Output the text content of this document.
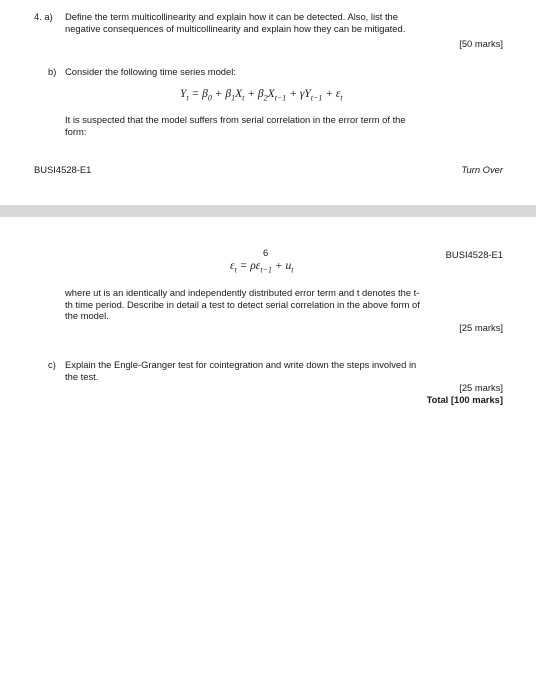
4. a) Define the term multicollinearity and explain how it can be detected. Also, list the
negative consequences of multicollinearity and explain how they can be mitigated.
[50 marks]
b) Consider the following time series model:
$Y_t = \beta_0 + \beta_1X_t + \beta_2X_{t-1} + \gamma Y_{t-1} + \varepsilon_t$
It is suspected that the model suffers from serial correlation in the error term of the
form:
BUSI4528-E1	Turn Over
6	BUSI4528-E1
$\varepsilon_t = \rho\varepsilon_{t-1} + u_t$
where ut is an identically and independently distributed error term and t denotes the t-
th time period. Describe in detail a test to detect serial correlation in the above form of
the model.
[25 marks]
c) Explain the Engle-Granger test for cointegration and write down the steps involved in
the test.
[25 marks]
Total [100 marks]
